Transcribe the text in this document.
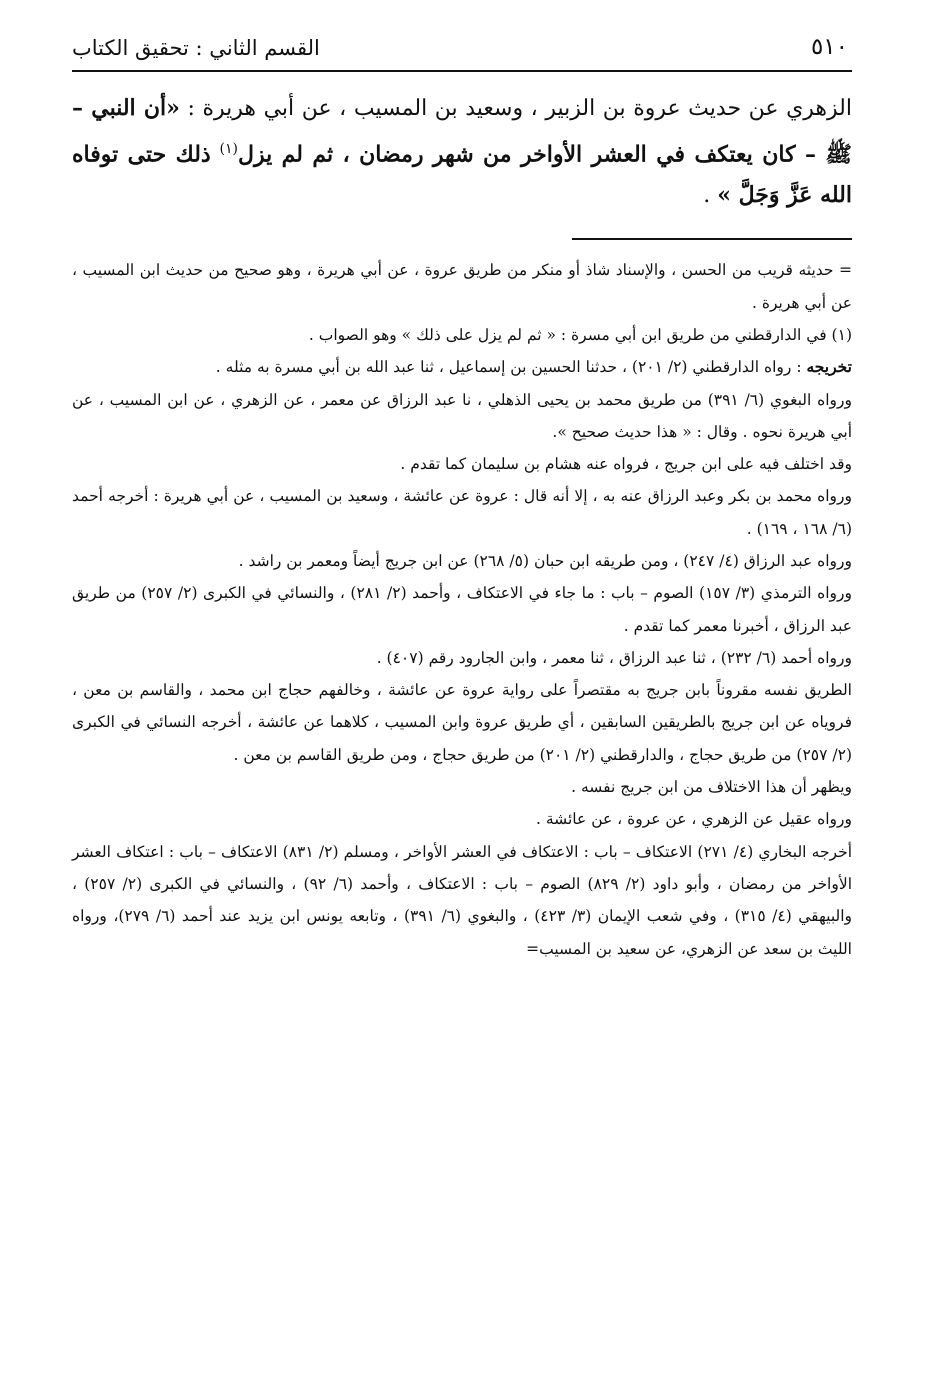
٥١٠
القسم الثاني : تحقيق الكتاب
الزهري عن حديث عروة بن الزبير ، وسعيد بن المسيب ، عن أبي هريرة : «أن النبي – ﷺ – كان يعتكف في العشر الأواخر من شهر رمضان ، ثم لم يزل$^{(١)}$ ذلك حتى توفاه الله عَزَّ وَجَلَّ » .

= حديثه قريب من الحسن ، والإسناد شاذ أو منكر من طريق عروة ، عن أبي هريرة ، وهو صحيح من حديث ابن المسيب ، عن أبي هريرة .

(١) في الدارقطني من طريق ابن أبي مسرة : « ثم لم يزل على ذلك » وهو الصواب .

تخريجه : رواه الدارقطني (٢/ ٢٠١) ، حدثنا الحسين بن إسماعيل ، ثنا عبد الله بن أبي مسرة به مثله .

ورواه البغوي (٦/ ٣٩١) من طريق محمد بن يحيى الذهلي ، نا عبد الرزاق عن معمر ، عن الزهري ، عن ابن المسيب ، عن أبي هريرة نحوه . وقال : « هذا حديث صحيح ».

وقد اختلف فيه على ابن جريج ، فرواه عنه هشام بن سليمان كما تقدم .

ورواه محمد بن بكر وعبد الرزاق عنه به ، إلا أنه قال : عروة عن عائشة ، وسعيد بن المسيب ، عن أبي هريرة : أخرجه أحمد (٦/ ١٦٨ ، ١٦٩) .

ورواه عبد الرزاق (٤/ ٢٤٧) ، ومن طريقه ابن حبان (٥/ ٢٦٨) عن ابن جريج أيضاً ومعمر بن راشد .

ورواه الترمذي (٣/ ١٥٧) الصوم – باب : ما جاء في الاعتكاف ، وأحمد (٢/ ٢٨١) ، والنسائي في الكبرى (٢/ ٢٥٧) من طريق عبد الرزاق ، أخبرنا معمر كما تقدم .

ورواه أحمد (٦/ ٢٣٢) ، ثنا عبد الرزاق ، ثنا معمر ، وابن الجارود رقم (٤٠٧) .

الطريق نفسه مقروناً بابن جريج به مقتصراً على رواية عروة عن عائشة ، وخالفهم حجاج ابن محمد ، والقاسم بن معن ، فروياه عن ابن جريج بالطريقين السابقين ، أي طريق عروة وابن المسيب ، كلاهما عن عائشة ، أخرجه النسائي في الكبرى (٢/ ٢٥٧) من طريق حجاج ، والدارقطني (٢/ ٢٠١) من طريق حجاج ، ومن طريق القاسم بن معن .

ويظهر أن هذا الاختلاف من ابن جريج نفسه .

ورواه عقيل عن الزهري ، عن عروة ، عن عائشة .

أخرجه البخاري (٤/ ٢٧١) الاعتكاف – باب : الاعتكاف في العشر الأواخر ، ومسلم (٢/ ٨٣١) الاعتكاف – باب : اعتكاف العشر الأواخر من رمضان ، وأبو داود (٢/ ٨٢٩) الصوم – باب : الاعتكاف ، وأحمد (٦/ ٩٢) ، والنسائي في الكبرى (٢/ ٢٥٧) ، والبيهقي (٤/ ٣١٥) ، وفي شعب الإيمان (٣/ ٤٢٣) ، والبغوي (٦/ ٣٩١) ، وتابعه يونس ابن يزيد عند أحمد (٦/ ٢٧٩)، ورواه الليث بن سعد عن الزهري، عن سعيد بن المسيب=
